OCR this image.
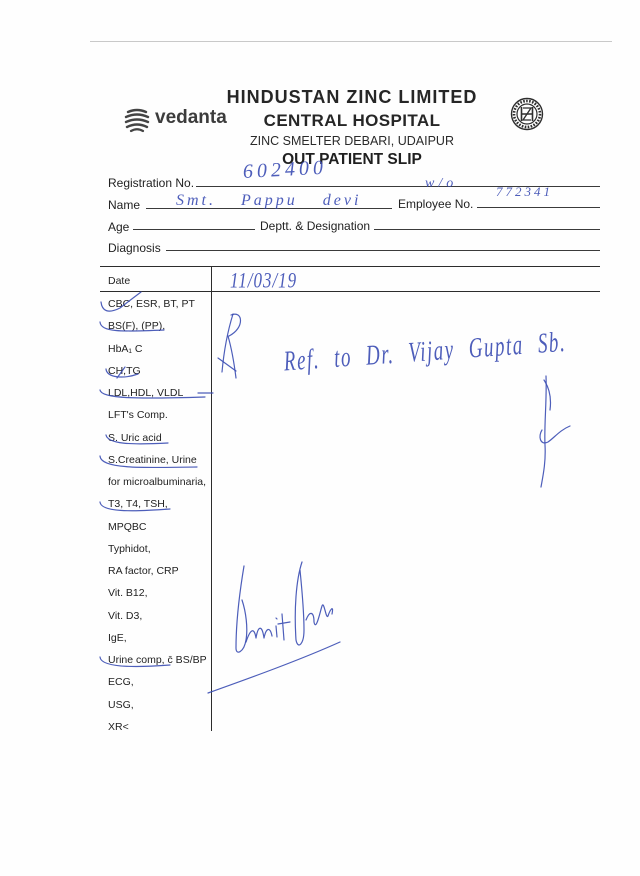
vedanta
HINDUSTAN ZINC LIMITED
CENTRAL HOSPITAL
ZINC SMELTER DEBARI, UDAIPUR
OUT PATIENT SLIP
Registration No.
Name	Employee No.
Age	Deptt. & Designation
Diagnosis
Date
CBC, ESR, BT, PT
BS(F), (PP),
HbA₁ C
CH,TG
LDL,HDL, VLDL
LFT's Comp.
S. Uric acid
S.Creatinine, Urine
for microalbuminaria,
T3, T4, TSH,
MPQBC
Typhidot,
RA factor, CRP
Vit. B12,
Vit. D3,
IgE,
Urine comp, c̄ BS/BP
ECG,
USG,
XR<
602400
Smt. Pappu devi
w/o
772341
11/03/19
Ref. to Dr. Vijay Gupta Sb.
